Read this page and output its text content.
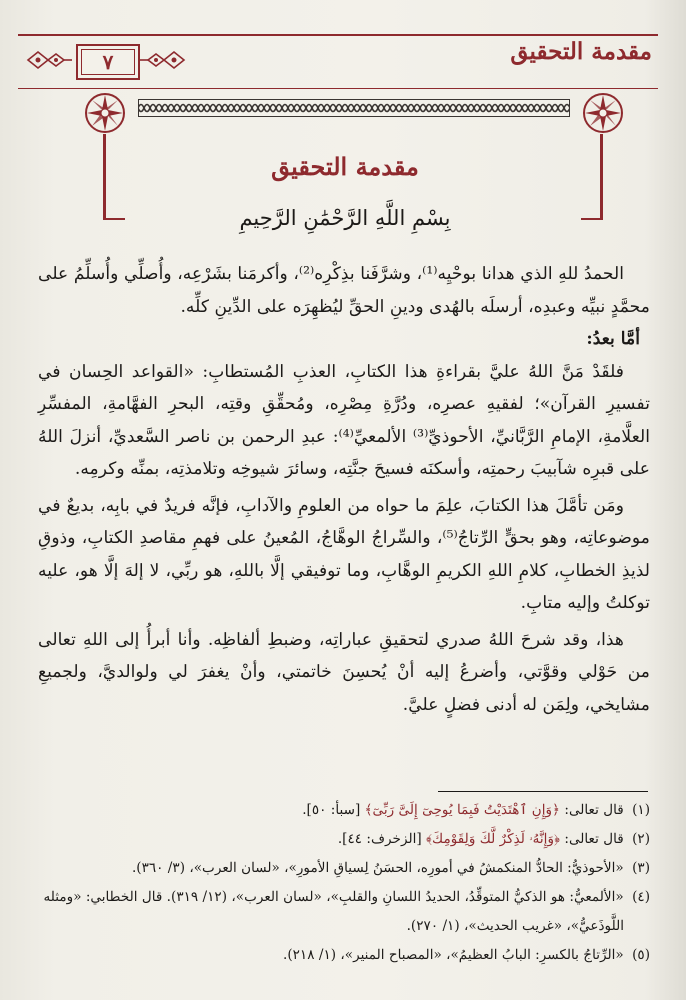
مقدمة التحقيق
٧
مقدمة التحقيق
بِسْمِ اللَّهِ الرَّحْمَٰنِ الرَّحِيمِ

الحمدُ للهِ الذي هدانا بوحْيِه⁽¹⁾، وشرَّفَنا بذِكْرِه⁽²⁾، وأكرمَنا بشَرْعِه، وأُصلِّي وأُسلِّمُ على محمَّدٍ نبيِّه وعبدِه، أرسلَه بالهُدى ودينِ الحقِّ ليُظهِرَه على الدِّينِ كلِّه.

أمَّا بعدُ:

فلقَدْ مَنَّ اللهُ عليَّ بقراءةِ هذا الكتابِ، العذبِ المُستطابِ: «القواعد الحِسان في تفسيرِ القرآن»؛ لفقيهِ عصرِه، ودُرَّةِ مِصْرِه، ومُحقِّقِ وقتِه، البحرِ الفهَّامةِ، المفسِّرِ العلَّامةِ، الإمامِ الرَّبَّانيِّ، الأحوذيِّ⁽³⁾ الألمعيِّ⁽⁴⁾: عبدِ الرحمن بن ناصر السَّعديِّ، أنزلَ اللهُ على قبرِه شآبيبَ رحمتِه، وأسكنَه فسيحَ جنَّتِه، وسائرَ شيوخِه وتلامذتِه، بمنِّه وكرمِه.

ومَن تأمَّلَ هذا الكتابَ، علِمَ ما حواه من العلومِ والآدابِ، فإنَّه فريدٌ في بابِه، بديعٌ في موضوعاتِه، وهو بحقٍّ الرِّتاجُ⁽⁵⁾، والسِّراجُ الوهَّاجُ، المُعينُ على فهمِ مقاصدِ الكتابِ، وذوقِ لذيذِ الخطابِ، كلامِ اللهِ الكريمِ الوهَّابِ، وما توفيقي إلَّا باللهِ، هو ربِّي، لا إلهَ إلَّا هو، عليه توكلتُ وإليه متابِ.

هذا، وقد شرحَ اللهُ صدري لتحقيقِ عباراتِه، وضبطِ ألفاظِه. وأنا أبرأُ إلى اللهِ تعالى من حَوْلي وقوَّتي، وأضرعُ إليه أنْ يُحسِنَ خاتمتي، وأنْ يغفرَ لي ولوالديَّ، ولجميعِ مشايخي، ولِمَن له أدنى فضلٍ عليَّ.

(١) قال تعالى: ﴿وَإِنِ ٱهْتَدَيْتُ فَبِمَا يُوحِىٓ إِلَىَّ رَبِّىٓ﴾ [سبأ: ٥٠].
(٢) قال تعالى: ﴿وَإِنَّهُۥ لَذِكْرٌ لَّكَ وَلِقَوْمِكَ﴾ [الزخرف: ٤٤].
(٣) «الأحوذيُّ: الحادُّ المنكمشُ في أمورِه، الحسَنُ لِسياقِ الأمورِ»، «لسان العرب»، (٣/ ٣٦٠).
(٤) «الألمعيُّ: هو الذكيُّ المتوقِّدُ، الحديدُ اللسانِ والقلبِ»، «لسان العرب»، (١٢/ ٣١٩). قال الخطابي: «ومثله
اللَّوذَعيُّ»، «غريب الحديث»، (١/ ٢٧٠).
(٥) «الرِّتاجُ بالكسرِ: البابُ العظيمُ»، «المصباح المنير»، (١/ ٢١٨).
